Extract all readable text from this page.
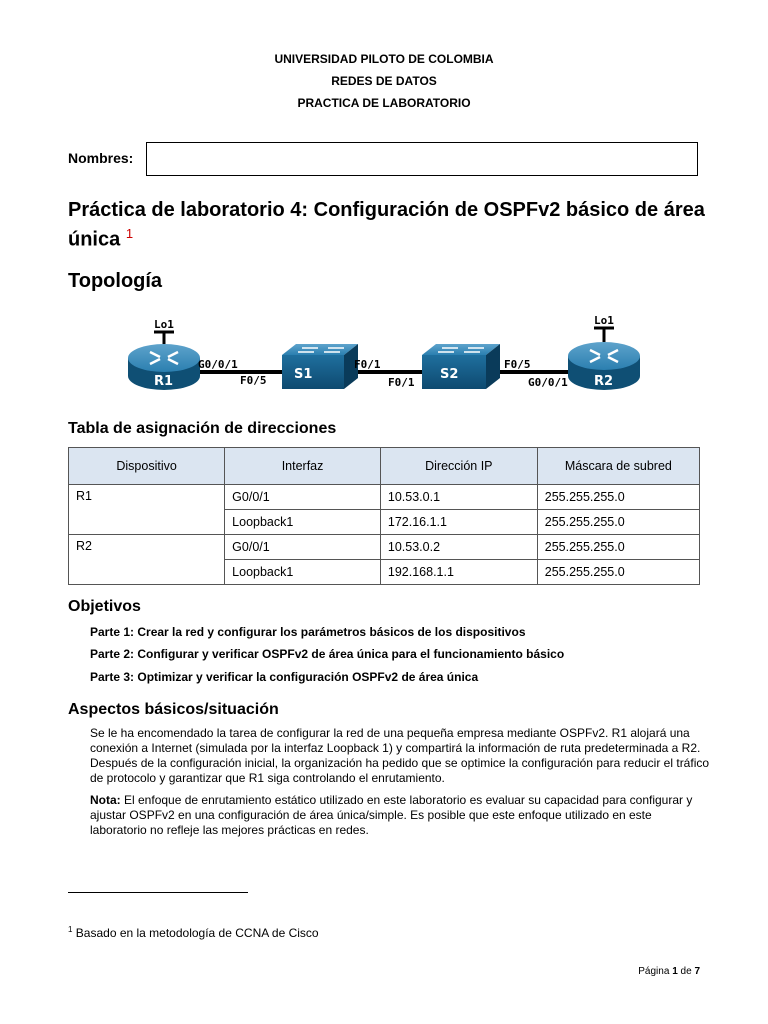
UNIVERSIDAD PILOTO DE COLOMBIA
REDES DE DATOS
PRACTICA DE LABORATORIO
Nombres:
Práctica de laboratorio 4: Configuración de OSPFv2 básico de área única $^1$
Topología
Lo1
R1	S1	S2
Lo1
R2
G0/0/1
F0/5
F0/1
F0/1
F0/5
G0/0/1
Tabla de asignación de direcciones
Dispositivo	Interfaz	Dirección IP	Máscara de subred
R1	G0/0/1	10.53.0.1	255.255.255.0
	Loopback1	172.16.1.1	255.255.255.0
R2	G0/0/1	10.53.0.2	255.255.255.0
	Loopback1	192.168.1.1	255.255.255.0
Objetivos
Parte 1: Crear la red y configurar los parámetros básicos de los dispositivos
Parte 2: Configurar y verificar OSPFv2 de área única para el funcionamiento básico
Parte 3: Optimizar y verificar la configuración OSPFv2 de área única
Aspectos básicos/situación
Se le ha encomendado la tarea de configurar la red de una pequeña empresa mediante OSPFv2. R1 alojará una conexión a Internet (simulada por la interfaz Loopback 1) y compartirá la información de ruta predeterminada a R2. Después de la configuración inicial, la organización ha pedido que se optimice la configuración para reducir el tráfico de protocolo y garantizar que R1 siga controlando el enrutamiento.
Nota: El enfoque de enrutamiento estático utilizado en este laboratorio es evaluar su capacidad para configurar y ajustar OSPFv2 en una configuración de área única/simple. Es posible que este enfoque utilizado en este laboratorio no refleje las mejores prácticas en redes.
$^1$ Basado en la metodología de CCNA de Cisco
Página 1 de 7
